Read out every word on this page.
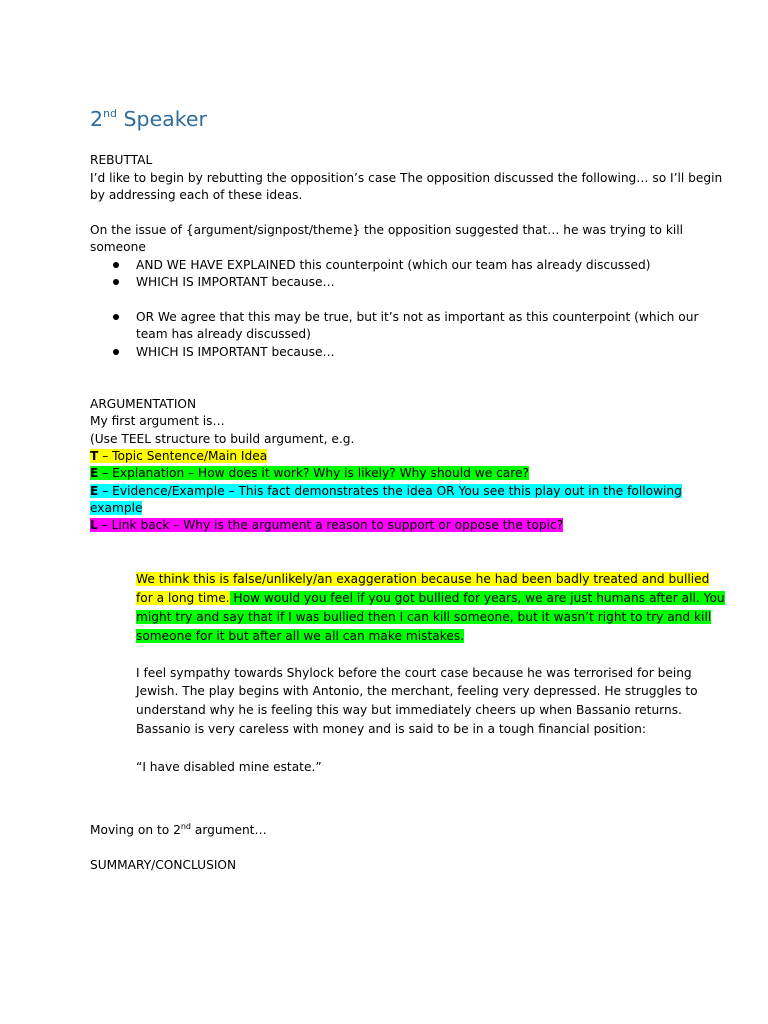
2nd Speaker
REBUTTAL
I’d like to begin by rebutting the opposition’s case The opposition discussed the following… so I’ll begin
by addressing each of these ideas.
On the issue of {argument/signpost/theme} the opposition suggested that… he was trying to kill
someone
AND WE HAVE EXPLAINED this counterpoint (which our team has already discussed)
WHICH IS IMPORTANT because…
OR We agree that this may be true, but it’s not as important as this counterpoint (which our
team has already discussed)
WHICH IS IMPORTANT because…
ARGUMENTATION
My first argument is…
(Use TEEL structure to build argument, e.g.
T – Topic Sentence/Main Idea
E – Explanation – How does it work? Why is likely? Why should we care?
E – Evidence/Example – This fact demonstrates the idea OR You see this play out in the following
example
L – Link back – Why is the argument a reason to support or oppose the topic?
We think this is false/unlikely/an exaggeration because he had been badly treated and bullied
for a long time. How would you feel if you got bullied for years, we are just humans after all. You
might try and say that if I was bullied then I can kill someone, but it wasn’t right to try and kill
someone for it but after all we all can make mistakes.
I feel sympathy towards Shylock before the court case because he was terrorised for being
Jewish. The play begins with Antonio, the merchant, feeling very depressed. He struggles to
understand why he is feeling this way but immediately cheers up when Bassanio returns.
Bassanio is very careless with money and is said to be in a tough financial position:
“I have disabled mine estate.”
Moving on to 2nd argument…
SUMMARY/CONCLUSION
